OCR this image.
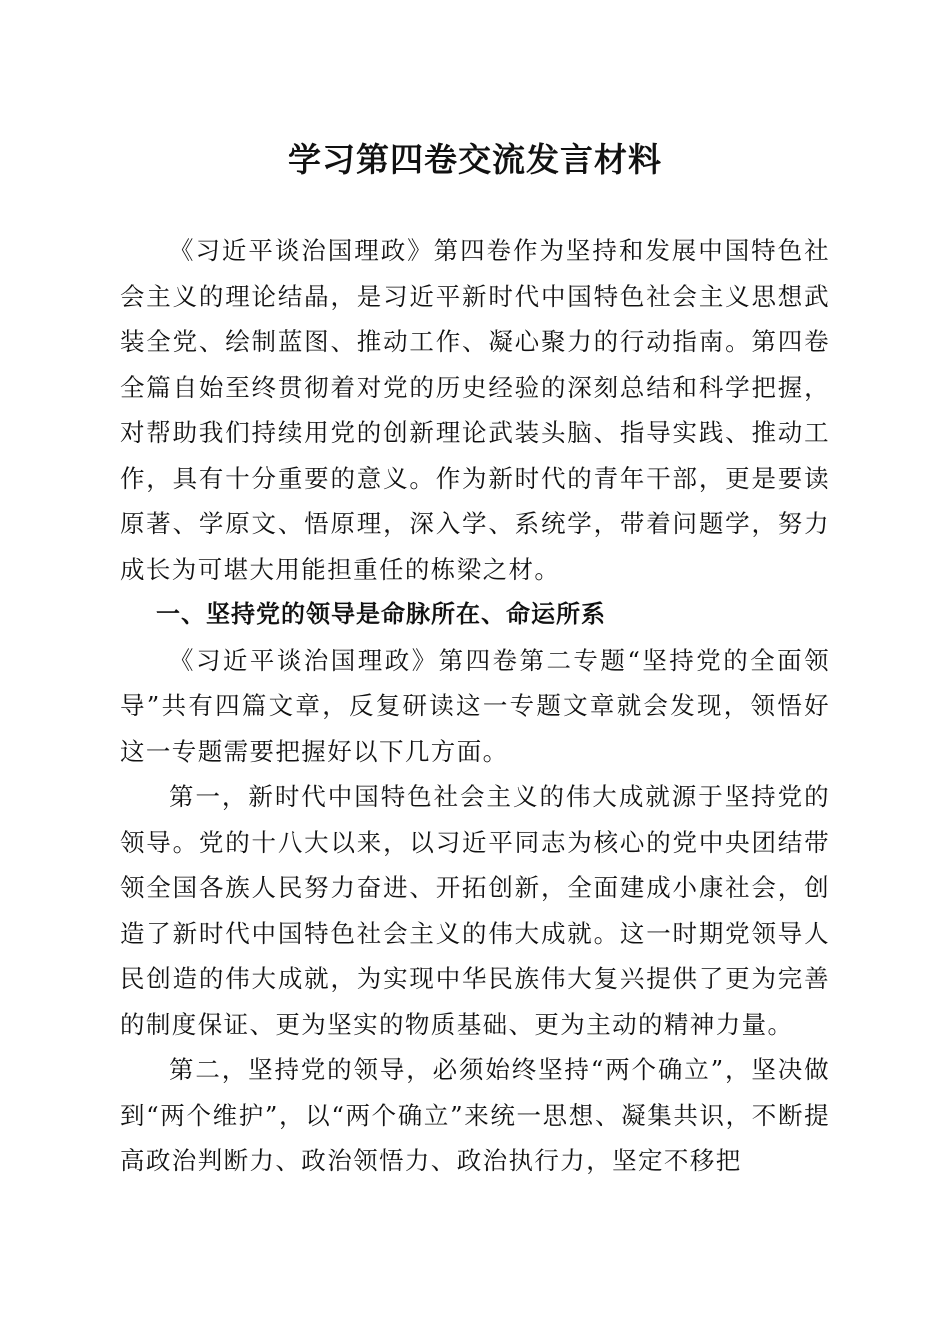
学习第四卷交流发言材料

《习近平谈治国理政》第四卷作为坚持和发展中国特色社会主义的理论结晶，是习近平新时代中国特色社会主义思想武装全党、绘制蓝图、推动工作、凝心聚力的行动指南。第四卷全篇自始至终贯彻着对党的历史经验的深刻总结和科学把握，对帮助我们持续用党的创新理论武装头脑、指导实践、推动工作，具有十分重要的意义。作为新时代的青年干部，更是要读原著、学原文、悟原理，深入学、系统学，带着问题学，努力成长为可堪大用能担重任的栋梁之材。

一、坚持党的领导是命脉所在、命运所系

《习近平谈治国理政》第四卷第二专题“坚持党的全面领导”共有四篇文章，反复研读这一专题文章就会发现，领悟好这一专题需要把握好以下几方面。

第一，新时代中国特色社会主义的伟大成就源于坚持党的领导。党的十八大以来，以习近平同志为核心的党中央团结带领全国各族人民努力奋进、开拓创新，全面建成小康社会，创造了新时代中国特色社会主义的伟大成就。这一时期党领导人民创造的伟大成就，为实现中华民族伟大复兴提供了更为完善的制度保证、更为坚实的物质基础、更为主动的精神力量。

第二，坚持党的领导，必须始终坚持“两个确立”，坚决做到“两个维护”，以“两个确立”来统一思想、凝集共识，不断提高政治判断力、政治领悟力、政治执行力，坚定不移把
